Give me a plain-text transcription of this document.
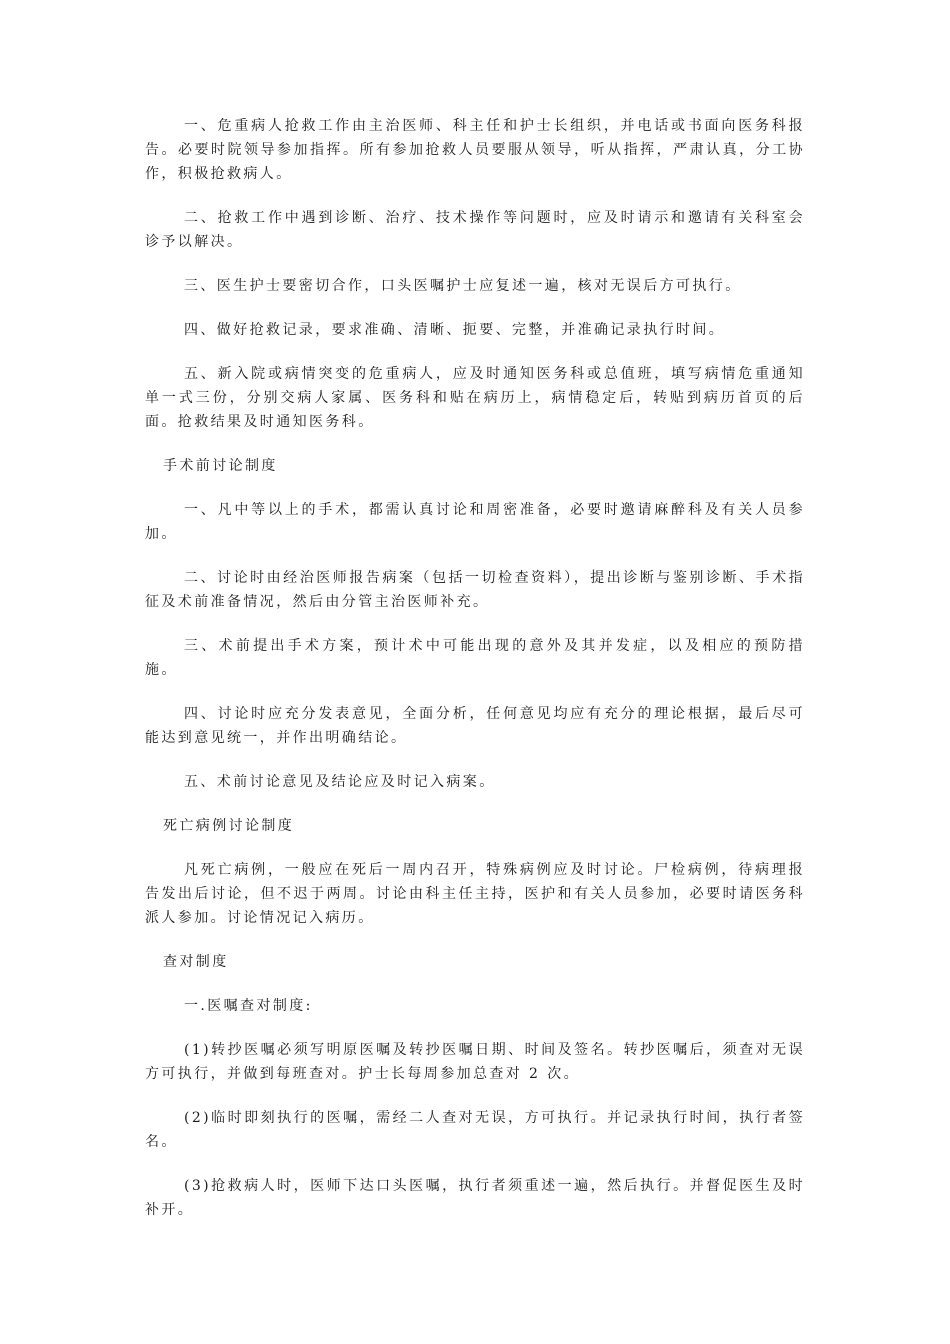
一、危重病人抢救工作由主治医师、科主任和护士长组织，并电话或书面向医务科报告。必要时院领导参加指挥。所有参加抢救人员要服从领导，听从指挥，严肃认真，分工协作，积极抢救病人。

二、抢救工作中遇到诊断、治疗、技术操作等问题时，应及时请示和邀请有关科室会诊予以解决。

三、医生护士要密切合作，口头医嘱护士应复述一遍，核对无误后方可执行。

四、做好抢救记录，要求准确、清晰、扼要、完整，并准确记录执行时间。

五、新入院或病情突变的危重病人，应及时通知医务科或总值班，填写病情危重通知单一式三份，分别交病人家属、医务科和贴在病历上，病情稳定后，转贴到病历首页的后面。抢救结果及时通知医务科。

手术前讨论制度

一、凡中等以上的手术，都需认真讨论和周密准备，必要时邀请麻醉科及有关人员参加。

二、讨论时由经治医师报告病案（包括一切检查资料），提出诊断与鉴别诊断、手术指征及术前准备情况，然后由分管主治医师补充。

三、术前提出手术方案，预计术中可能出现的意外及其并发症，以及相应的预防措施。

四、讨论时应充分发表意见，全面分析，任何意见均应有充分的理论根据，最后尽可能达到意见统一，并作出明确结论。

五、术前讨论意见及结论应及时记入病案。

死亡病例讨论制度

凡死亡病例，一般应在死后一周内召开，特殊病例应及时讨论。尸检病例，待病理报告发出后讨论，但不迟于两周。讨论由科主任主持，医护和有关人员参加，必要时请医务科派人参加。讨论情况记入病历。

查对制度

一.医嘱查对制度:

(1)转抄医嘱必须写明原医嘱及转抄医嘱日期、时间及签名。转抄医嘱后，须查对无误方可执行，并做到每班查对。护士长每周参加总查对 2 次。

(2)临时即刻执行的医嘱，需经二人查对无误，方可执行。并记录执行时间，执行者签名。

(3)抢救病人时，医师下达口头医嘱，执行者须重述一遍，然后执行。并督促医生及时补开。
